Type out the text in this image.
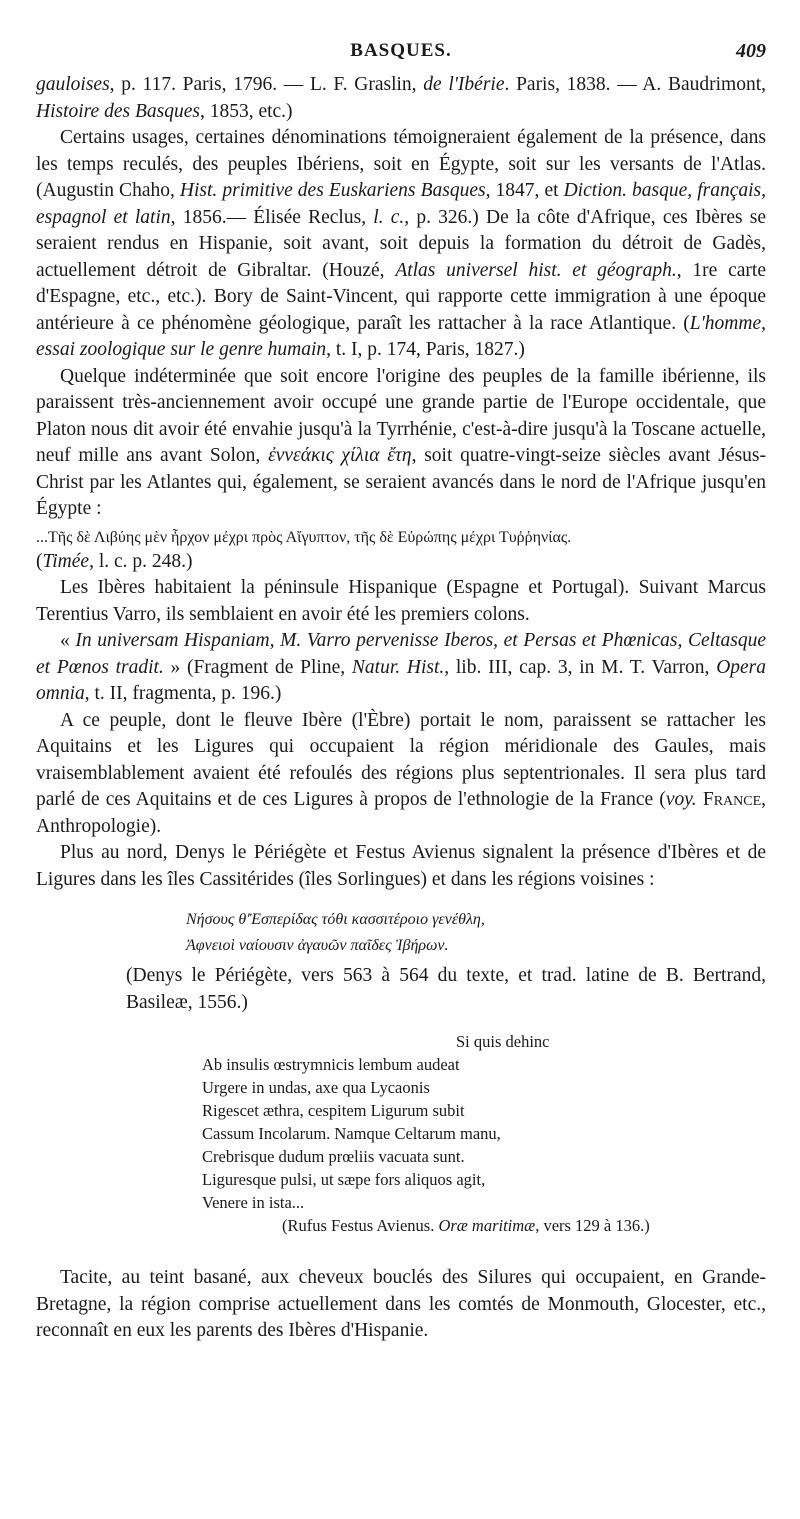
BASQUES.	409

gauloises, p. 117. Paris, 1796. — L. F. Graslin, de l'Ibérie. Paris, 1838. — A. Baudrimont, Histoire des Basques, 1853, etc.)

Certains usages, certaines dénominations témoigneraient également de la présence, dans les temps reculés, des peuples Ibériens, soit en Égypte, soit sur les versants de l'Atlas. (Augustin Chaho, Hist. primitive des Euskariens Basques, 1847, et Diction. basque, français, espagnol et latin, 1856.— Élisée Reclus, l. c., p. 326.) De la côte d'Afrique, ces Ibères se seraient rendus en Hispanie, soit avant, soit depuis la formation du détroit de Gadès, actuellement détroit de Gibraltar. (Houzé, Atlas universel hist. et géograph., 1re carte d'Espagne, etc., etc.). Bory de Saint-Vincent, qui rapporte cette immigration à une époque antérieure à ce phénomène géologique, paraît les rattacher à la race Atlantique. (L'homme, essai zoologique sur le genre humain, t. I, p. 174, Paris, 1827.)

Quelque indéterminée que soit encore l'origine des peuples de la famille ibérienne, ils paraissent très-anciennement avoir occupé une grande partie de l'Europe occidentale, que Platon nous dit avoir été envahie jusqu'à la Tyrrhénie, c'est-à-dire jusqu'à la Toscane actuelle, neuf mille ans avant Solon, ἐννεάκις χίλια ἔτη, soit quatre-vingt-seize siècles avant Jésus-Christ par les Atlantes qui, également, se seraient avancés dans le nord de l'Afrique jusqu'en Égypte :

...Τῆς δὲ Λιβύης μὲν ἦρχον μέχρι πρὸς Αἴγυπτον, τῆς δὲ Εὐρώπης μέχρι Τυῤῥηνίας.

(Timée, l. c. p. 248.)

Les Ibères habitaient la péninsule Hispanique (Espagne et Portugal). Suivant Marcus Terentius Varro, ils semblaient en avoir été les premiers colons.

« In universam Hispaniam, M. Varro pervenisse Iberos, et Persas et Phœnicas, Celtasque et Pœnos tradit. » (Fragment de Pline, Natur. Hist., lib. III, cap. 3, in M. T. Varron, Opera omnia, t. II, fragmenta, p. 196.)

A ce peuple, dont le fleuve Ibère (l'Èbre) portait le nom, paraissent se rattacher les Aquitains et les Ligures qui occupaient la région méridionale des Gaules, mais vraisemblablement avaient été refoulés des régions plus septentrionales. Il sera plus tard parlé de ces Aquitains et de ces Ligures à propos de l'ethnologie de la France (voy. France, Anthropologie).

Plus au nord, Denys le Périégète et Festus Avienus signalent la présence d'Ibères et de Ligures dans les îles Cassitérides (îles Sorlingues) et dans les régions voisines :

Νήσους θ'Ἑσπερίδας τόθι κασσιτέροιο γενέθλη,
Ἀφνειοὶ ναίουσιν ἀγαυῶν παῖδες Ἰβήρων.

(Denys le Périégète, vers 563 à 564 du texte, et trad. latine de B. Bertrand, Basileæ, 1556.)

Si quis dehinc
Ab insulis œstrymnicis lembum audeat
Urgere in undas, axe qua Lycaonis
Rigescet æthra, cespitem Ligurum subit
Cassum Incolarum. Namque Celtarum manu,
Crebrisque dudum prœliis vacuata sunt.
Liguresque pulsi, ut sæpe fors aliquos agit,
Venere in ista...
(Rufus Festus Avienus. Oræ maritimæ, vers 129 à 136.)

Tacite, au teint basané, aux cheveux bouclés des Silures qui occupaient, en Grande-Bretagne, la région comprise actuellement dans les comtés de Monmouth, Glocester, etc., reconnaît en eux les parents des Ibères d'Hispanie.
